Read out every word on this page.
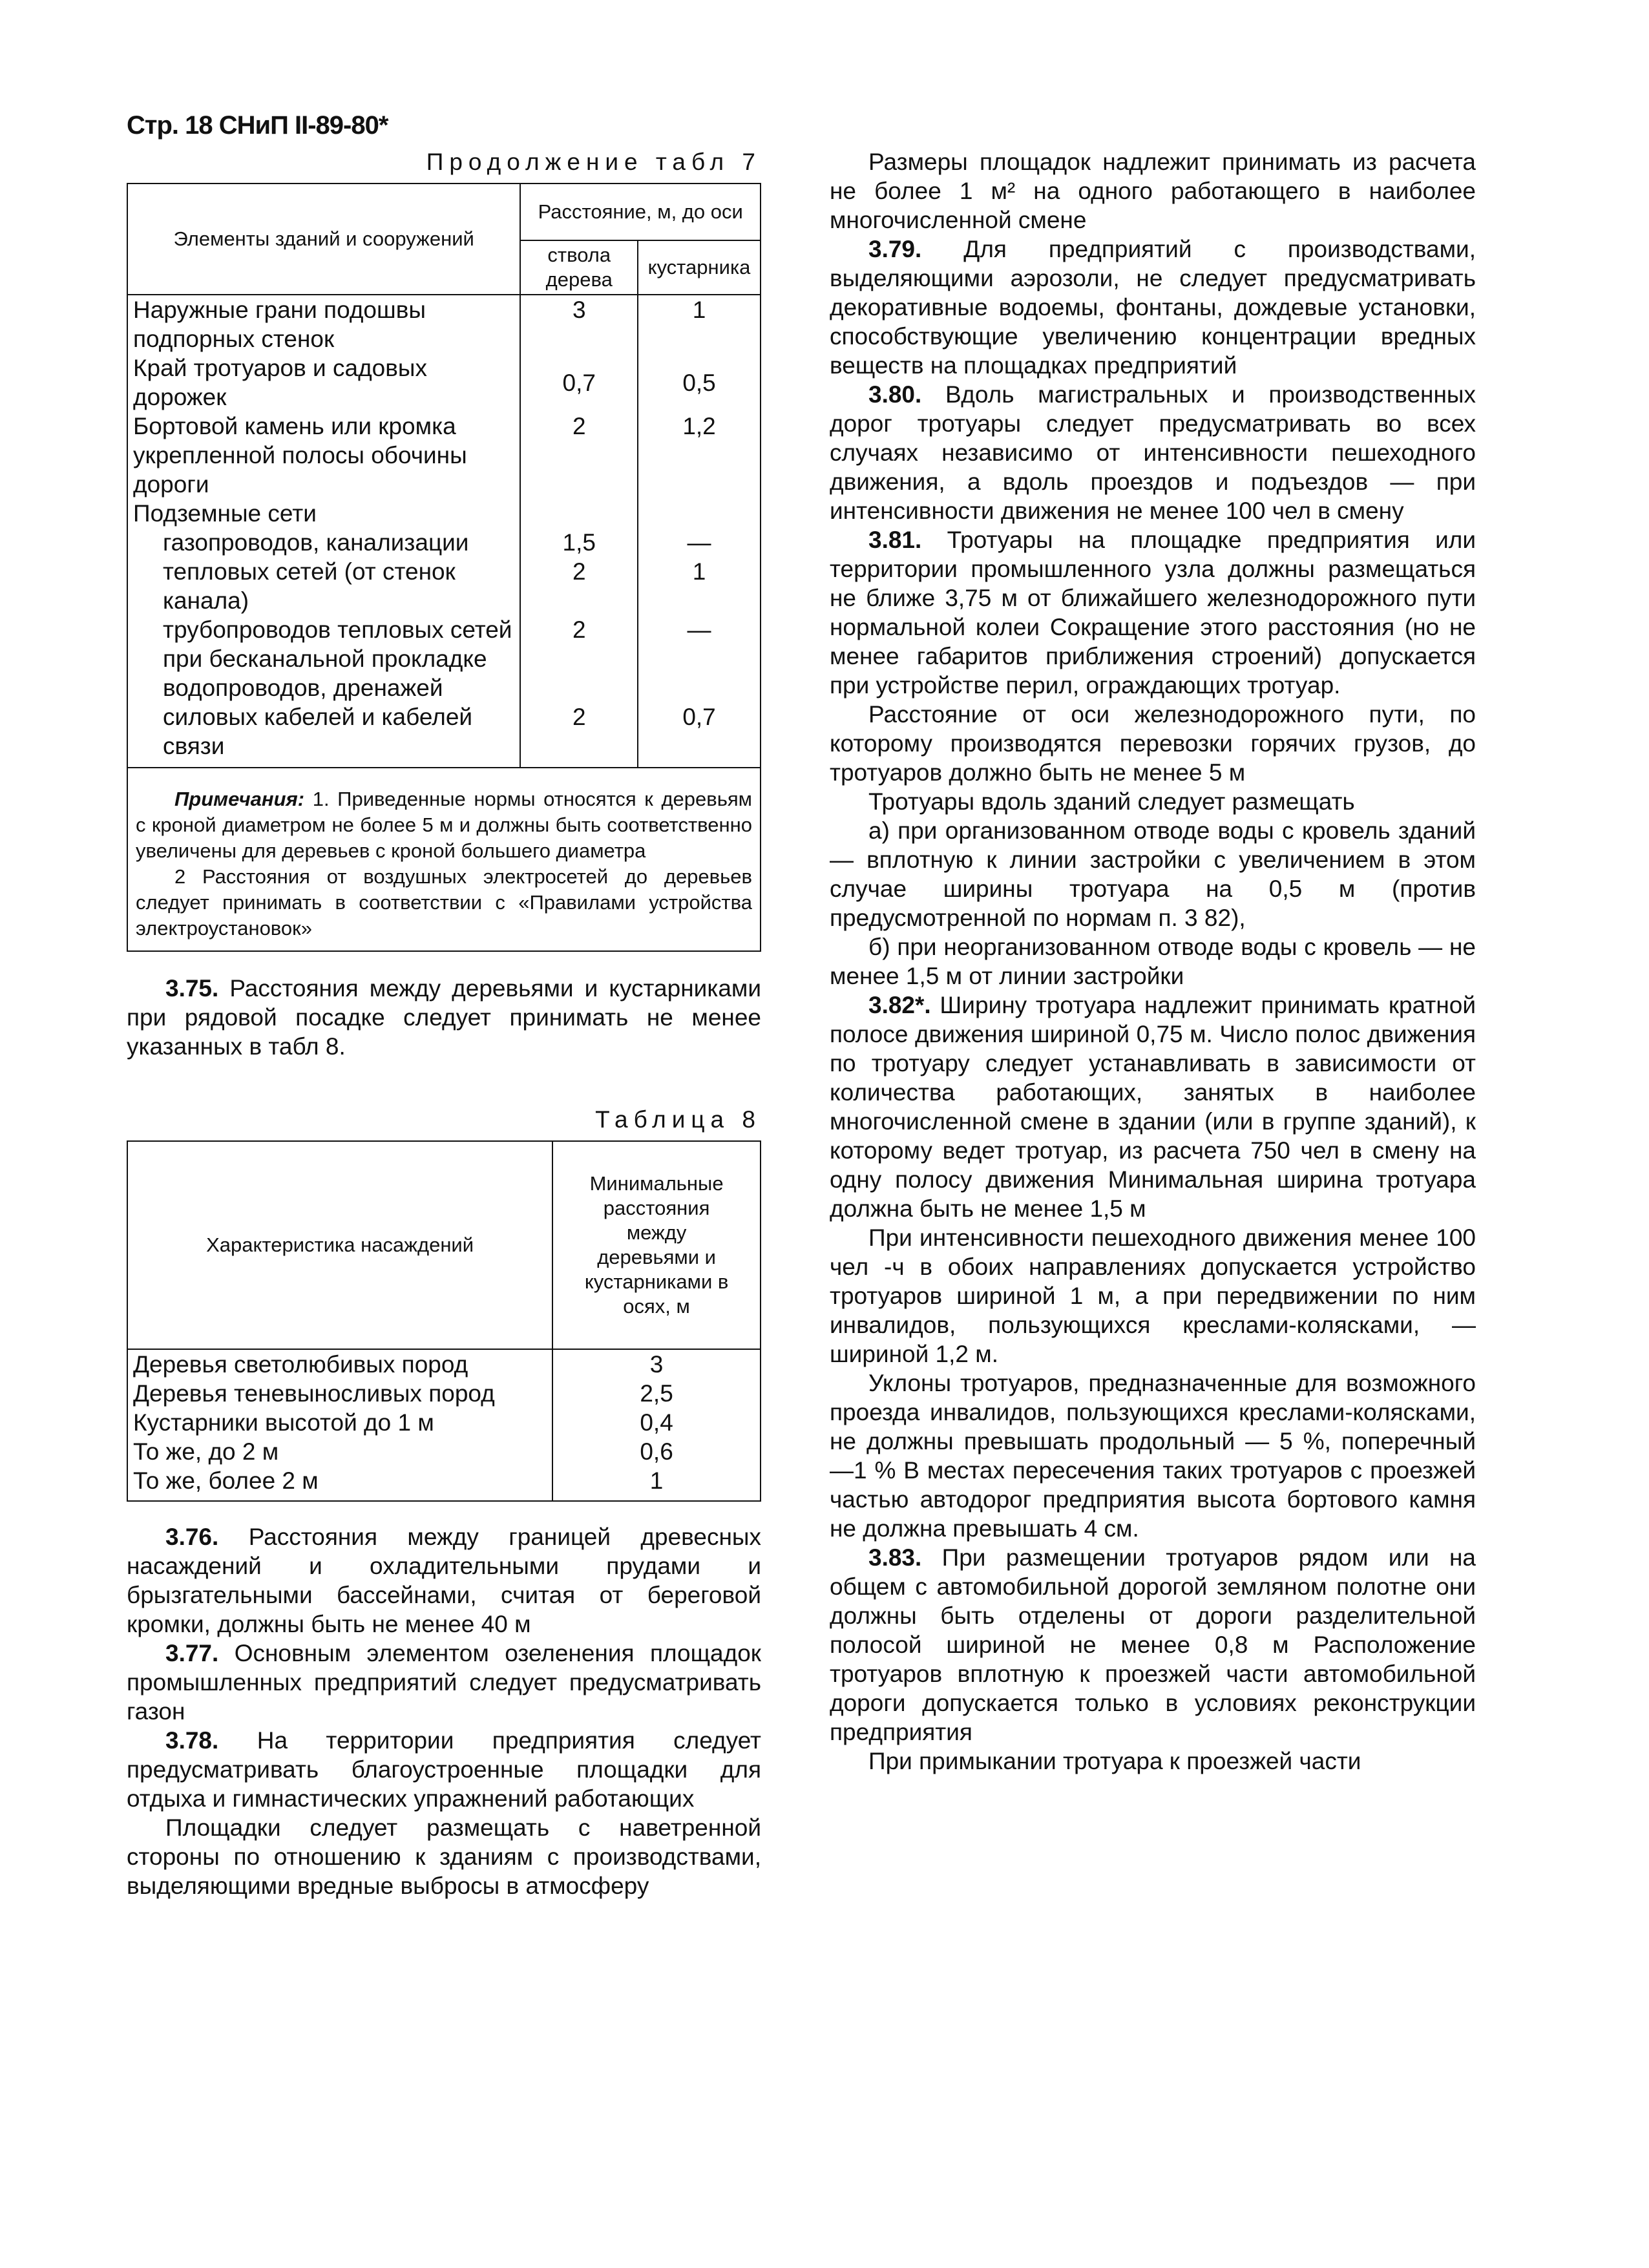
Стр. 18 СНиП II-89-80*
Продолжение табл 7
Элементы зданий и сооружений	Расстояние, м, до оси	
	ствола дерева	кустарника
Наружные грани подошвы подпорных стенок	3	1
Край тротуаров и садовых дорожек	0,7	0,5
Бортовой камень или кромка укрепленной полосы обочины дороги	2	1,2
Подземные сети		
газопроводов, канализации	1,5	—
тепловых сетей (от стенок канала)	2	1
трубопроводов тепловых сетей при бесканальной прокладке водопроводов, дренажей	2	—
силовых кабелей и кабелей связи	2	0,7

Примечания: 1. Приведенные нормы относятся к деревьям с кроной диаметром не более 5 м и должны быть соответственно увеличены для деревьев с кроной большего диаметра

2 Расстояния от воздушных электросетей до деревьев следует принимать в соответствии с «Правилами устройства электроустановок»		

3.75. Расстояния между деревьями и кустарниками при рядовой посадке следует принимать не менее указанных в табл 8.

Таблица 8
Характеристика насаждений	Минимальные расстояния между деревьями и кустарниками в осях, м
Деревья светолюбивых пород	3
Деревья теневыносливых пород	2,5
Кустарники высотой до 1 м	0,4
То же, до 2 м	0,6
То же, более 2 м	1

3.76. Расстояния между границей древесных насаждений и охладительными прудами и брызгательными бассейнами, считая от береговой кромки, должны быть не менее 40 м

3.77. Основным элементом озеленения площадок промышленных предприятий следует предусматривать газон

3.78. На территории предприятия следует предусматривать благоустроенные площадки для отдыха и гимнастических упражнений работающих

Площадки следует размещать с наветренной стороны по отношению к зданиям с производствами, выделяющими вредные выбросы в атмосферу

Размеры площадок надлежит принимать из расчета не более 1 м² на одного работающего в наиболее многочисленной смене

3.79. Для предприятий с производствами, выделяющими аэрозоли, не следует предусматривать декоративные водоемы, фонтаны, дождевые установки, способствующие увеличению концентрации вредных веществ на площадках предприятий

3.80. Вдоль магистральных и производственных дорог тротуары следует предусматривать во всех случаях независимо от интенсивности пешеходного движения, а вдоль проездов и подъездов — при интенсивности движения не менее 100 чел в смену

3.81. Тротуары на площадке предприятия или территории промышленного узла должны размещаться не ближе 3,75 м от ближайшего железнодорожного пути нормальной колеи Сокращение этого расстояния (но не менее габаритов приближения строений) допускается при устройстве перил, ограждающих тротуар.

Расстояние от оси железнодорожного пути, по которому производятся перевозки горячих грузов, до тротуаров должно быть не менее 5 м

Тротуары вдоль зданий следует размещать

а) при организованном отводе воды с кровель зданий — вплотную к линии застройки с увеличением в этом случае ширины тротуара на 0,5 м (против предусмотренной по нормам п. 3 82),

б) при неорганизованном отводе воды с кровель — не менее 1,5 м от линии застройки

3.82*. Ширину тротуара надлежит принимать кратной полосе движения шириной 0,75 м. Число полос движения по тротуару следует устанавливать в зависимости от количества работающих, занятых в наиболее многочисленной смене в здании (или в группе зданий), к которому ведет тротуар, из расчета 750 чел в смену на одну полосу движения Минимальная ширина тротуара должна быть не менее 1,5 м

При интенсивности пешеходного движения менее 100 чел -ч в обоих направлениях допускается устройство тротуаров шириной 1 м, а при передвижении по ним инвалидов, пользующихся креслами-колясками, — шириной 1,2 м.

Уклоны тротуаров, предназначенные для возможного проезда инвалидов, пользующихся креслами-колясками, не должны превышать продольный — 5 %, поперечный —1 % В местах пересечения таких тротуаров с проезжей частью автодорог предприятия высота бортового камня не должна превышать 4 см.

3.83. При размещении тротуаров рядом или на общем с автомобильной дорогой земляном полотне они должны быть отделены от дороги разделительной полосой шириной не менее 0,8 м Расположение тротуаров вплотную к проезжей части автомобильной дороги допускается только в условиях реконструкции предприятия

При примыкании тротуара к проезжей части
